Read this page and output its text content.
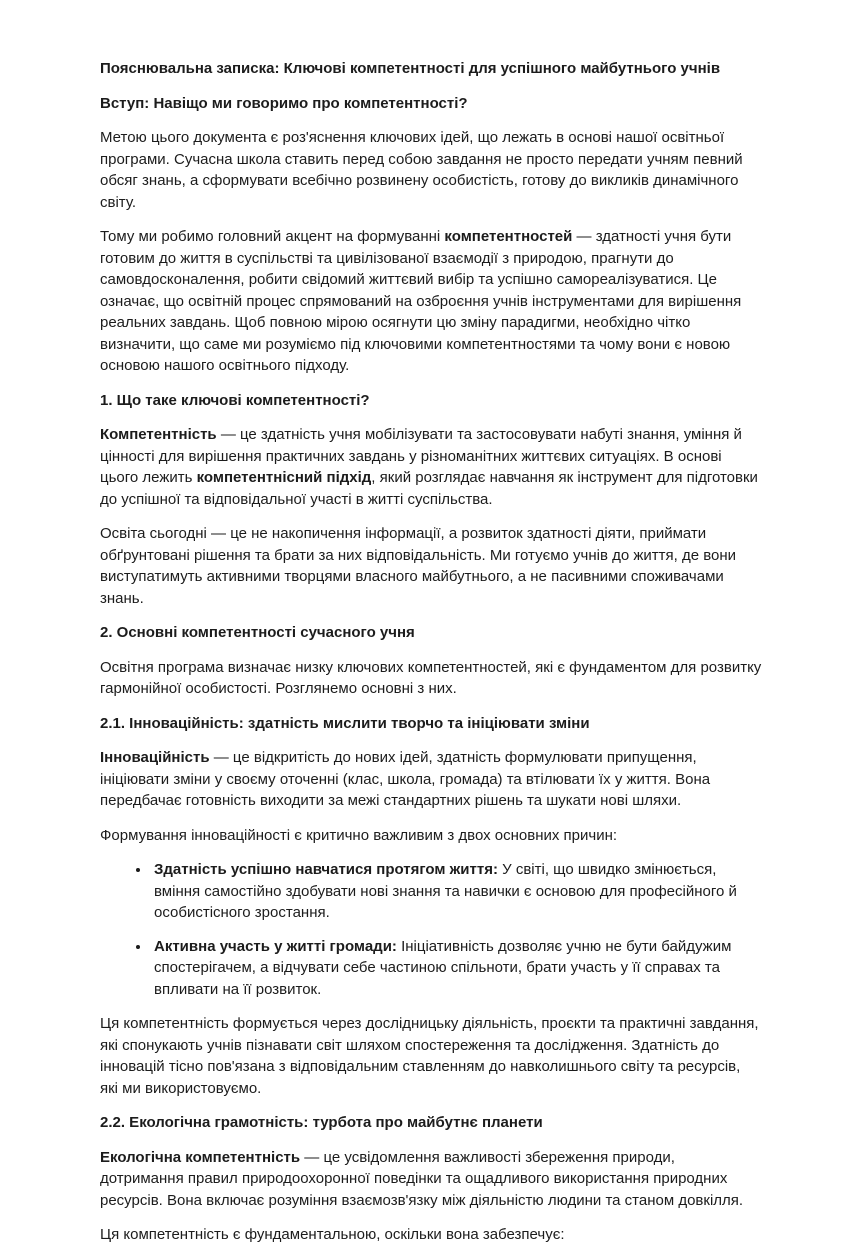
Пояснювальна записка: Ключові компетентності для успішного майбутнього учнів

Вступ: Навіщо ми говоримо про компетентності?

Метою цього документа є роз'яснення ключових ідей, що лежать в основі нашої освітньої програми. Сучасна школа ставить перед собою завдання не просто передати учням певний обсяг знань, а сформувати всебічно розвинену особистість, готову до викликів динамічного світу.

Тому ми робимо головний акцент на формуванні компетентностей — здатності учня бути готовим до життя в суспільстві та цивілізованої взаємодії з природою, прагнути до самовдосконалення, робити свідомий життєвий вибір та успішно самореалізуватися. Це означає, що освітній процес спрямований на озброєння учнів інструментами для вирішення реальних завдань. Щоб повною мірою осягнути цю зміну парадигми, необхідно чітко визначити, що саме ми розуміємо під ключовими компетентностями та чому вони є новою основою нашого освітнього підходу.

1. Що таке ключові компетентності?

Компетентність — це здатність учня мобілізувати та застосовувати набуті знання, уміння й цінності для вирішення практичних завдань у різноманітних життєвих ситуаціях. В основі цього лежить компетентнісний підхід, який розглядає навчання як інструмент для підготовки до успішної та відповідальної участі в житті суспільства.

Освіта сьогодні — це не накопичення інформації, а розвиток здатності діяти, приймати обґрунтовані рішення та брати за них відповідальність. Ми готуємо учнів до життя, де вони виступатимуть активними творцями власного майбутнього, а не пасивними споживачами знань.

2. Основні компетентності сучасного учня

Освітня програма визначає низку ключових компетентностей, які є фундаментом для розвитку гармонійної особистості. Розглянемо основні з них.

2.1. Інноваційність: здатність мислити творчо та ініціювати зміни

Інноваційність — це відкритість до нових ідей, здатність формулювати припущення, ініціювати зміни у своєму оточенні (клас, школа, громада) та втілювати їх у життя. Вона передбачає готовність виходити за межі стандартних рішень та шукати нові шляхи.

Формування інноваційності є критично важливим з двох основних причин:

• Здатність успішно навчатися протягом життя: У світі, що швидко змінюється, вміння самостійно здобувати нові знання та навички є основою для професійного й особистісного зростання.
• Активна участь у житті громади: Ініціативність дозволяє учню не бути байдужим спостерігачем, а відчувати себе частиною спільноти, брати участь у її справах та впливати на її розвиток.

Ця компетентність формується через дослідницьку діяльність, проєкти та практичні завдання, які спонукають учнів пізнавати світ шляхом спостереження та дослідження. Здатність до інновацій тісно пов'язана з відповідальним ставленням до навколишнього світу та ресурсів, які ми використовуємо.

2.2. Екологічна грамотність: турбота про майбутнє планети

Екологічна компетентність — це усвідомлення важливості збереження природи, дотримання правил природоохоронної поведінки та ощадливого використання природних ресурсів. Вона включає розуміння взаємозв'язку між діяльністю людини та станом довкілля.

Ця компетентність є фундаментальною, оскільки вона забезпечує:
